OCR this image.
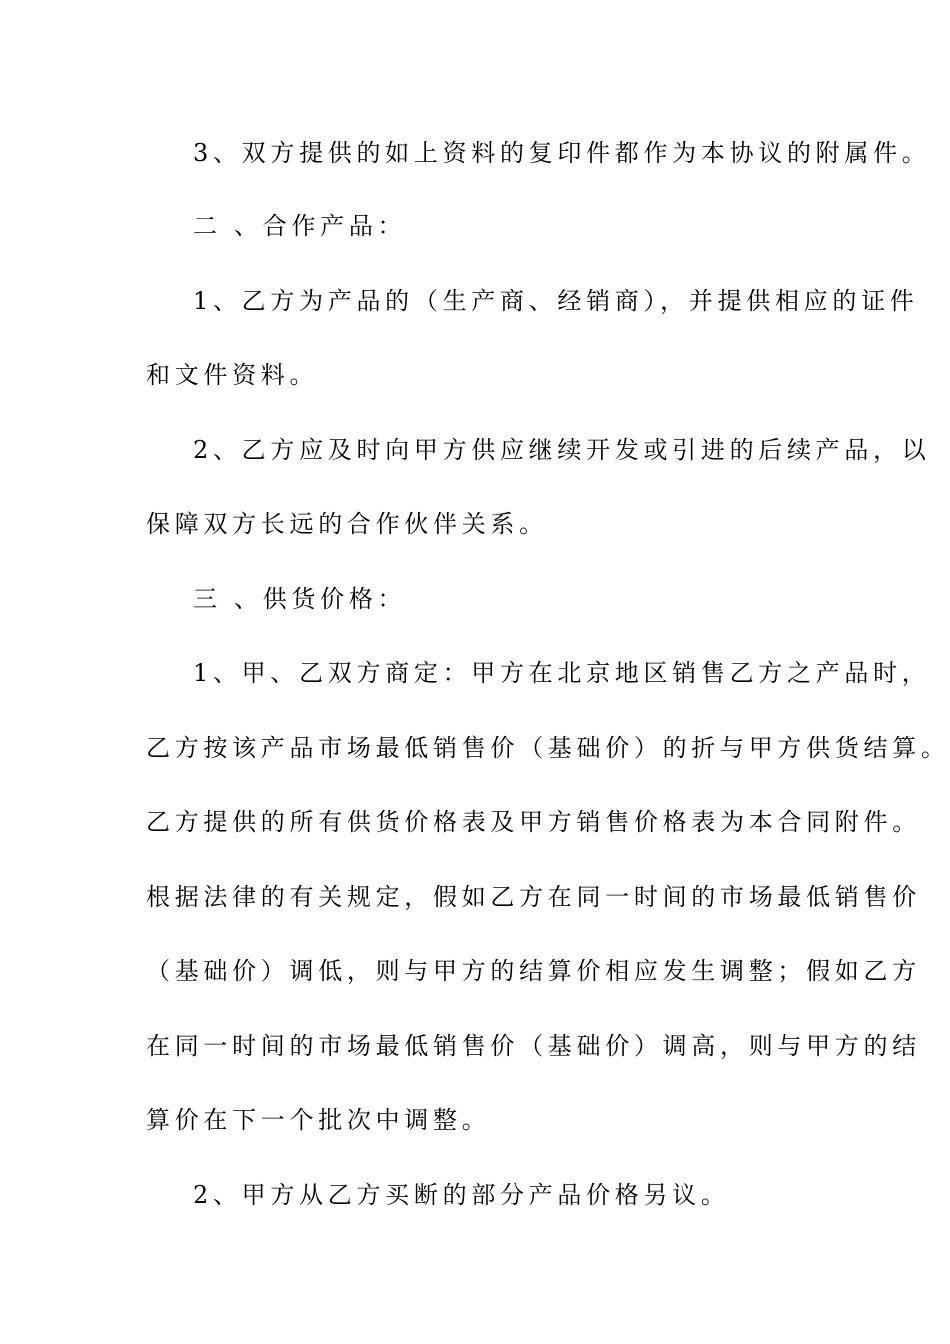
3、双方提供的如上资料的复印件都作为本协议的附属件。
二 、合作产品：
1、乙方为产品的（生产商、经销商），并提供相应的证件
和文件资料。
2、乙方应及时向甲方供应继续开发或引进的后续产品，以
保障双方长远的合作伙伴关系。
三 、供货价格：
1、甲、乙双方商定：甲方在北京地区销售乙方之产品时，
乙方按该产品市场最低销售价（基础价）的折与甲方供货结算。
乙方提供的所有供货价格表及甲方销售价格表为本合同附件。
根据法律的有关规定，假如乙方在同一时间的市场最低销售价
（基础价）调低，则与甲方的结算价相应发生调整；假如乙方
在同一时间的市场最低销售价（基础价）调高，则与甲方的结
算价在下一个批次中调整。
2、甲方从乙方买断的部分产品价格另议。
